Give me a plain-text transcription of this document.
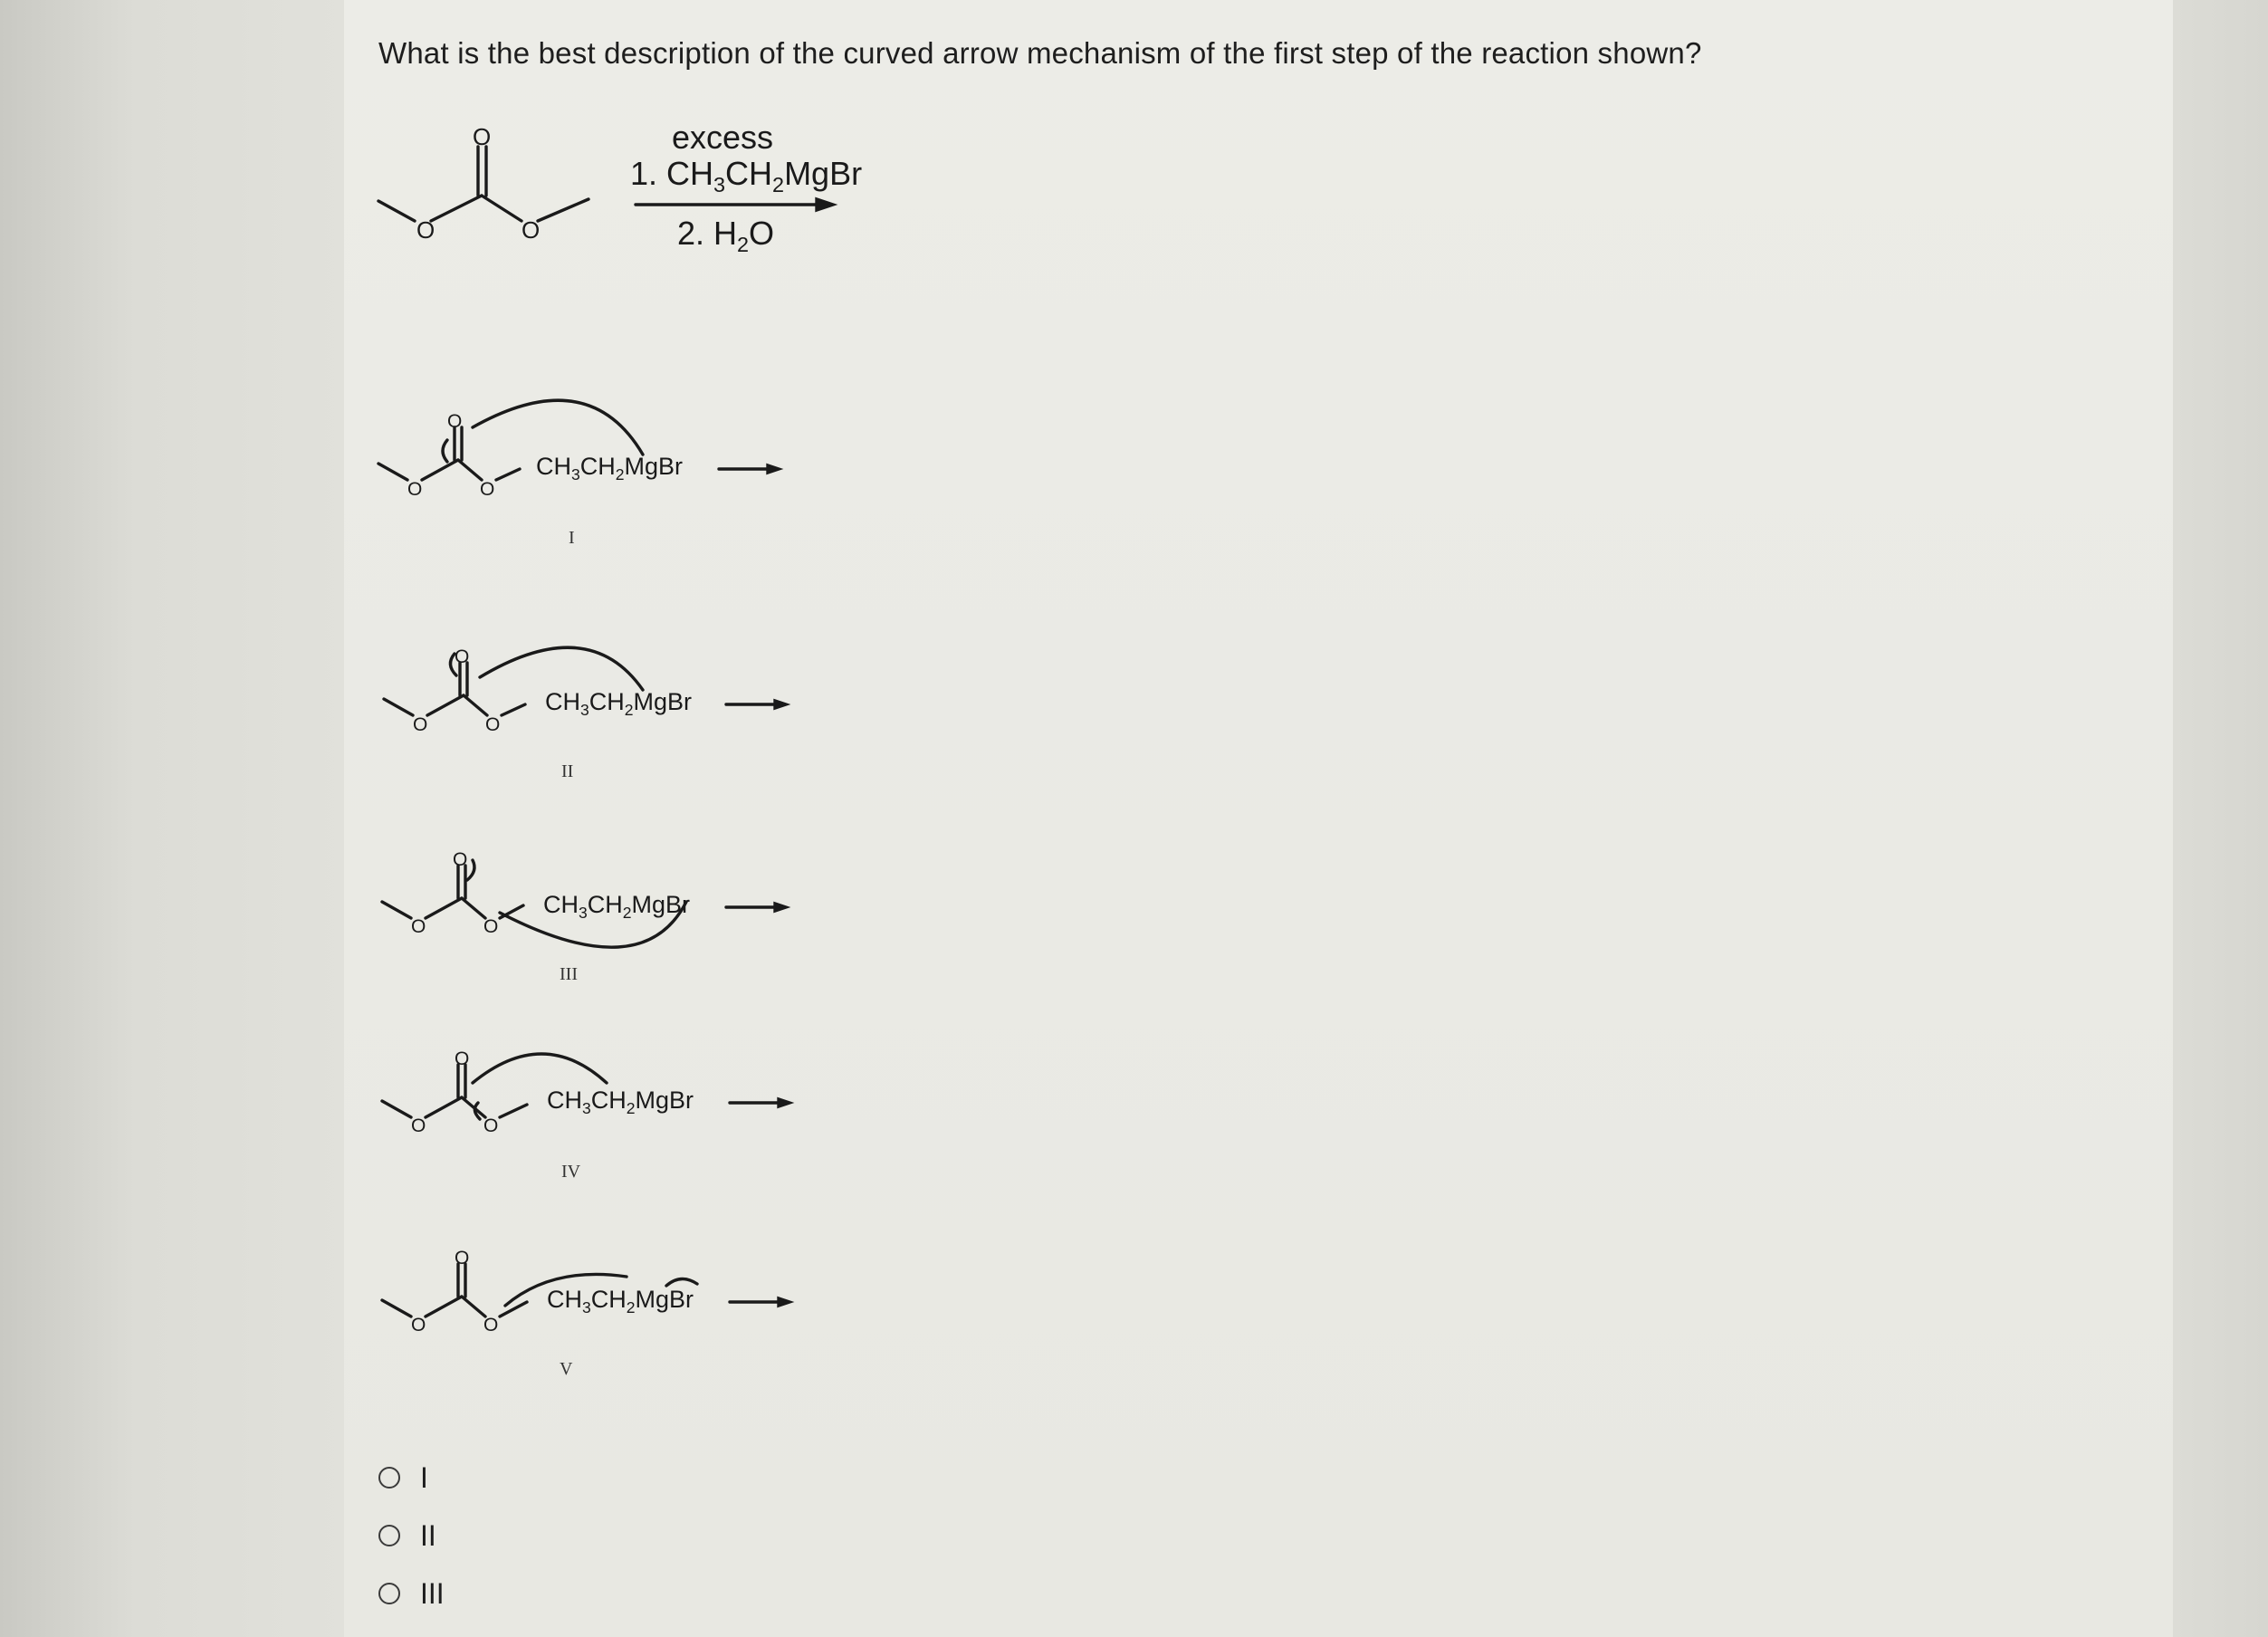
What is the best description of the curved arrow mechanism of the first step of the reaction shown?
O	O
O	excess
1. $CH_3CH_2MgBr$
2. $H_2O$
O	O
O
$CH_3CH_2MgBr$
I
O	O
O
$CH_3CH_2MgBr$
II
O	O
O
$CH_3CH_2MgBr$
III
O	O
O
$CH_3CH_2MgBr$
IV
O	O
O
$CH_3CH_2MgBr$
V
I
II
III
